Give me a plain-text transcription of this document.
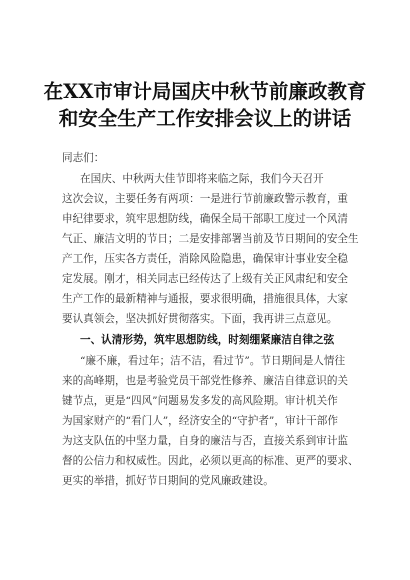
在XX市审计局国庆中秋节前廉政教育
和安全生产工作安排会议上的讲话
同志们：
在国庆、中秋两大佳节即将来临之际，我们今天召开
这次会议，主要任务有两项：一是进行节前廉政警示教育，重
申纪律要求，筑牢思想防线，确保全局干部职工度过一个风清
气正、廉洁文明的节日；二是安排部署当前及节日期间的安全生
产工作，压实各方责任，消除风险隐患，确保审计事业安全稳
定发展。刚才，相关同志已经传达了上级有关正风肃纪和安全
生产工作的最新精神与通报，要求很明确，措施很具体，大家
要认真领会，坚决抓好贯彻落实。下面，我再讲三点意见。
一、认清形势，筑牢思想防线，时刻绷紧廉洁自律之弦
“廉不廉，看过年；洁不洁，看过节”。节日期间是人情往
来的高峰期，也是考验党员干部党性修养、廉洁自律意识的关
键节点，更是“四风”问题易发多发的高风险期。审计机关作
为国家财产的“看门人”，经济安全的“守护者”，审计干部作
为这支队伍的中坚力量，自身的廉洁与否，直接关系到审计监
督的公信力和权威性。因此，必须以更高的标准、更严的要求、
更实的举措，抓好节日期间的党风廉政建设。
